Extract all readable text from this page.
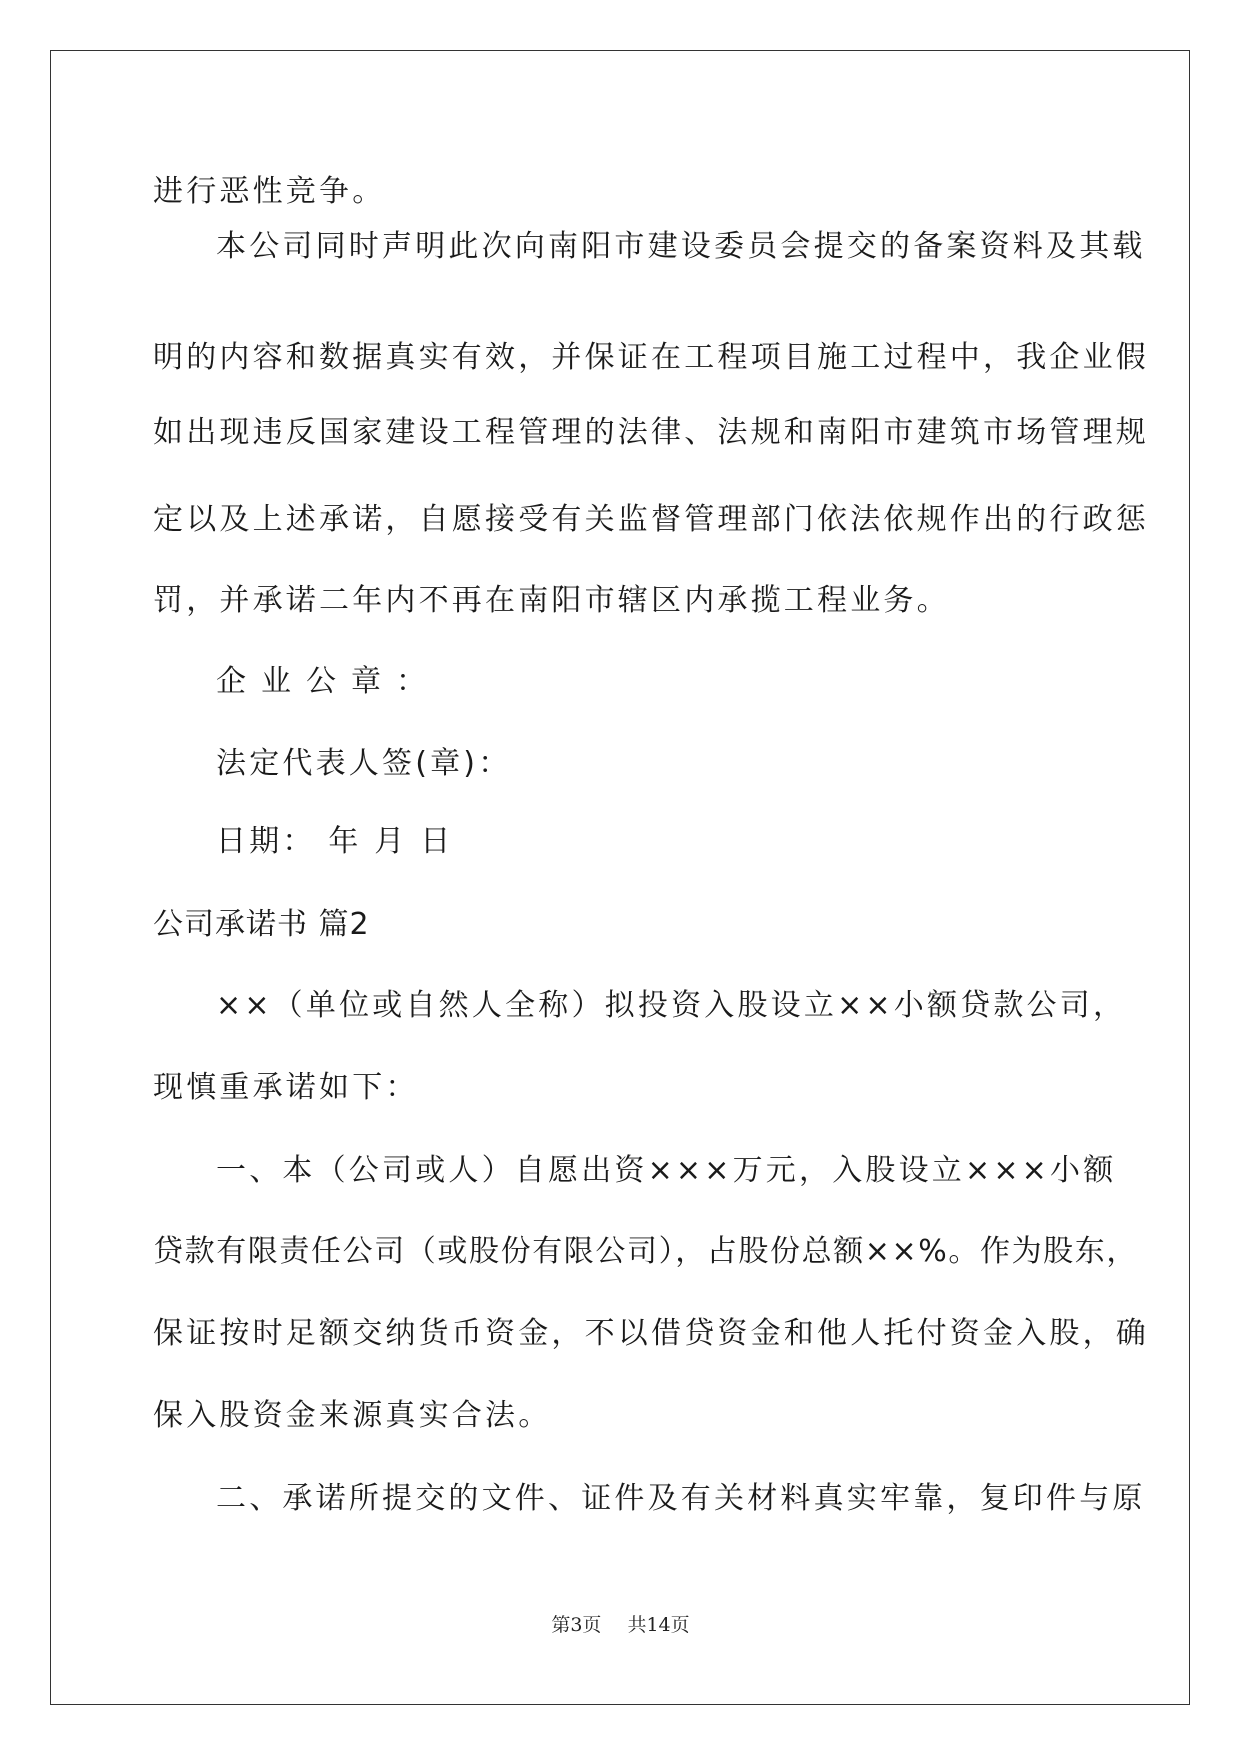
进行恶性竞争。
本公司同时声明此次向南阳市建设委员会提交的备案资料及其载
明的内容和数据真实有效，并保证在工程项目施工过程中，我企业假
如出现违反国家建设工程管理的法律、法规和南阳市建筑市场管理规
定以及上述承诺，自愿接受有关监督管理部门依法依规作出的行政惩
罚，并承诺二年内不再在南阳市辖区内承揽工程业务。
企业公章：
法定代表人签(章)：
日期： 年 月 日
公司承诺书 篇2
××（单位或自然人全称）拟投资入股设立××小额贷款公司，
现慎重承诺如下：
一、本（公司或人）自愿出资×××万元，入股设立×××小额
贷款有限责任公司（或股份有限公司），占股份总额××%。作为股东，
保证按时足额交纳货币资金，不以借贷资金和他人托付资金入股，确
保入股资金来源真实合法。
二、承诺所提交的文件、证件及有关材料真实牢靠，复印件与原
第3页 共14页
